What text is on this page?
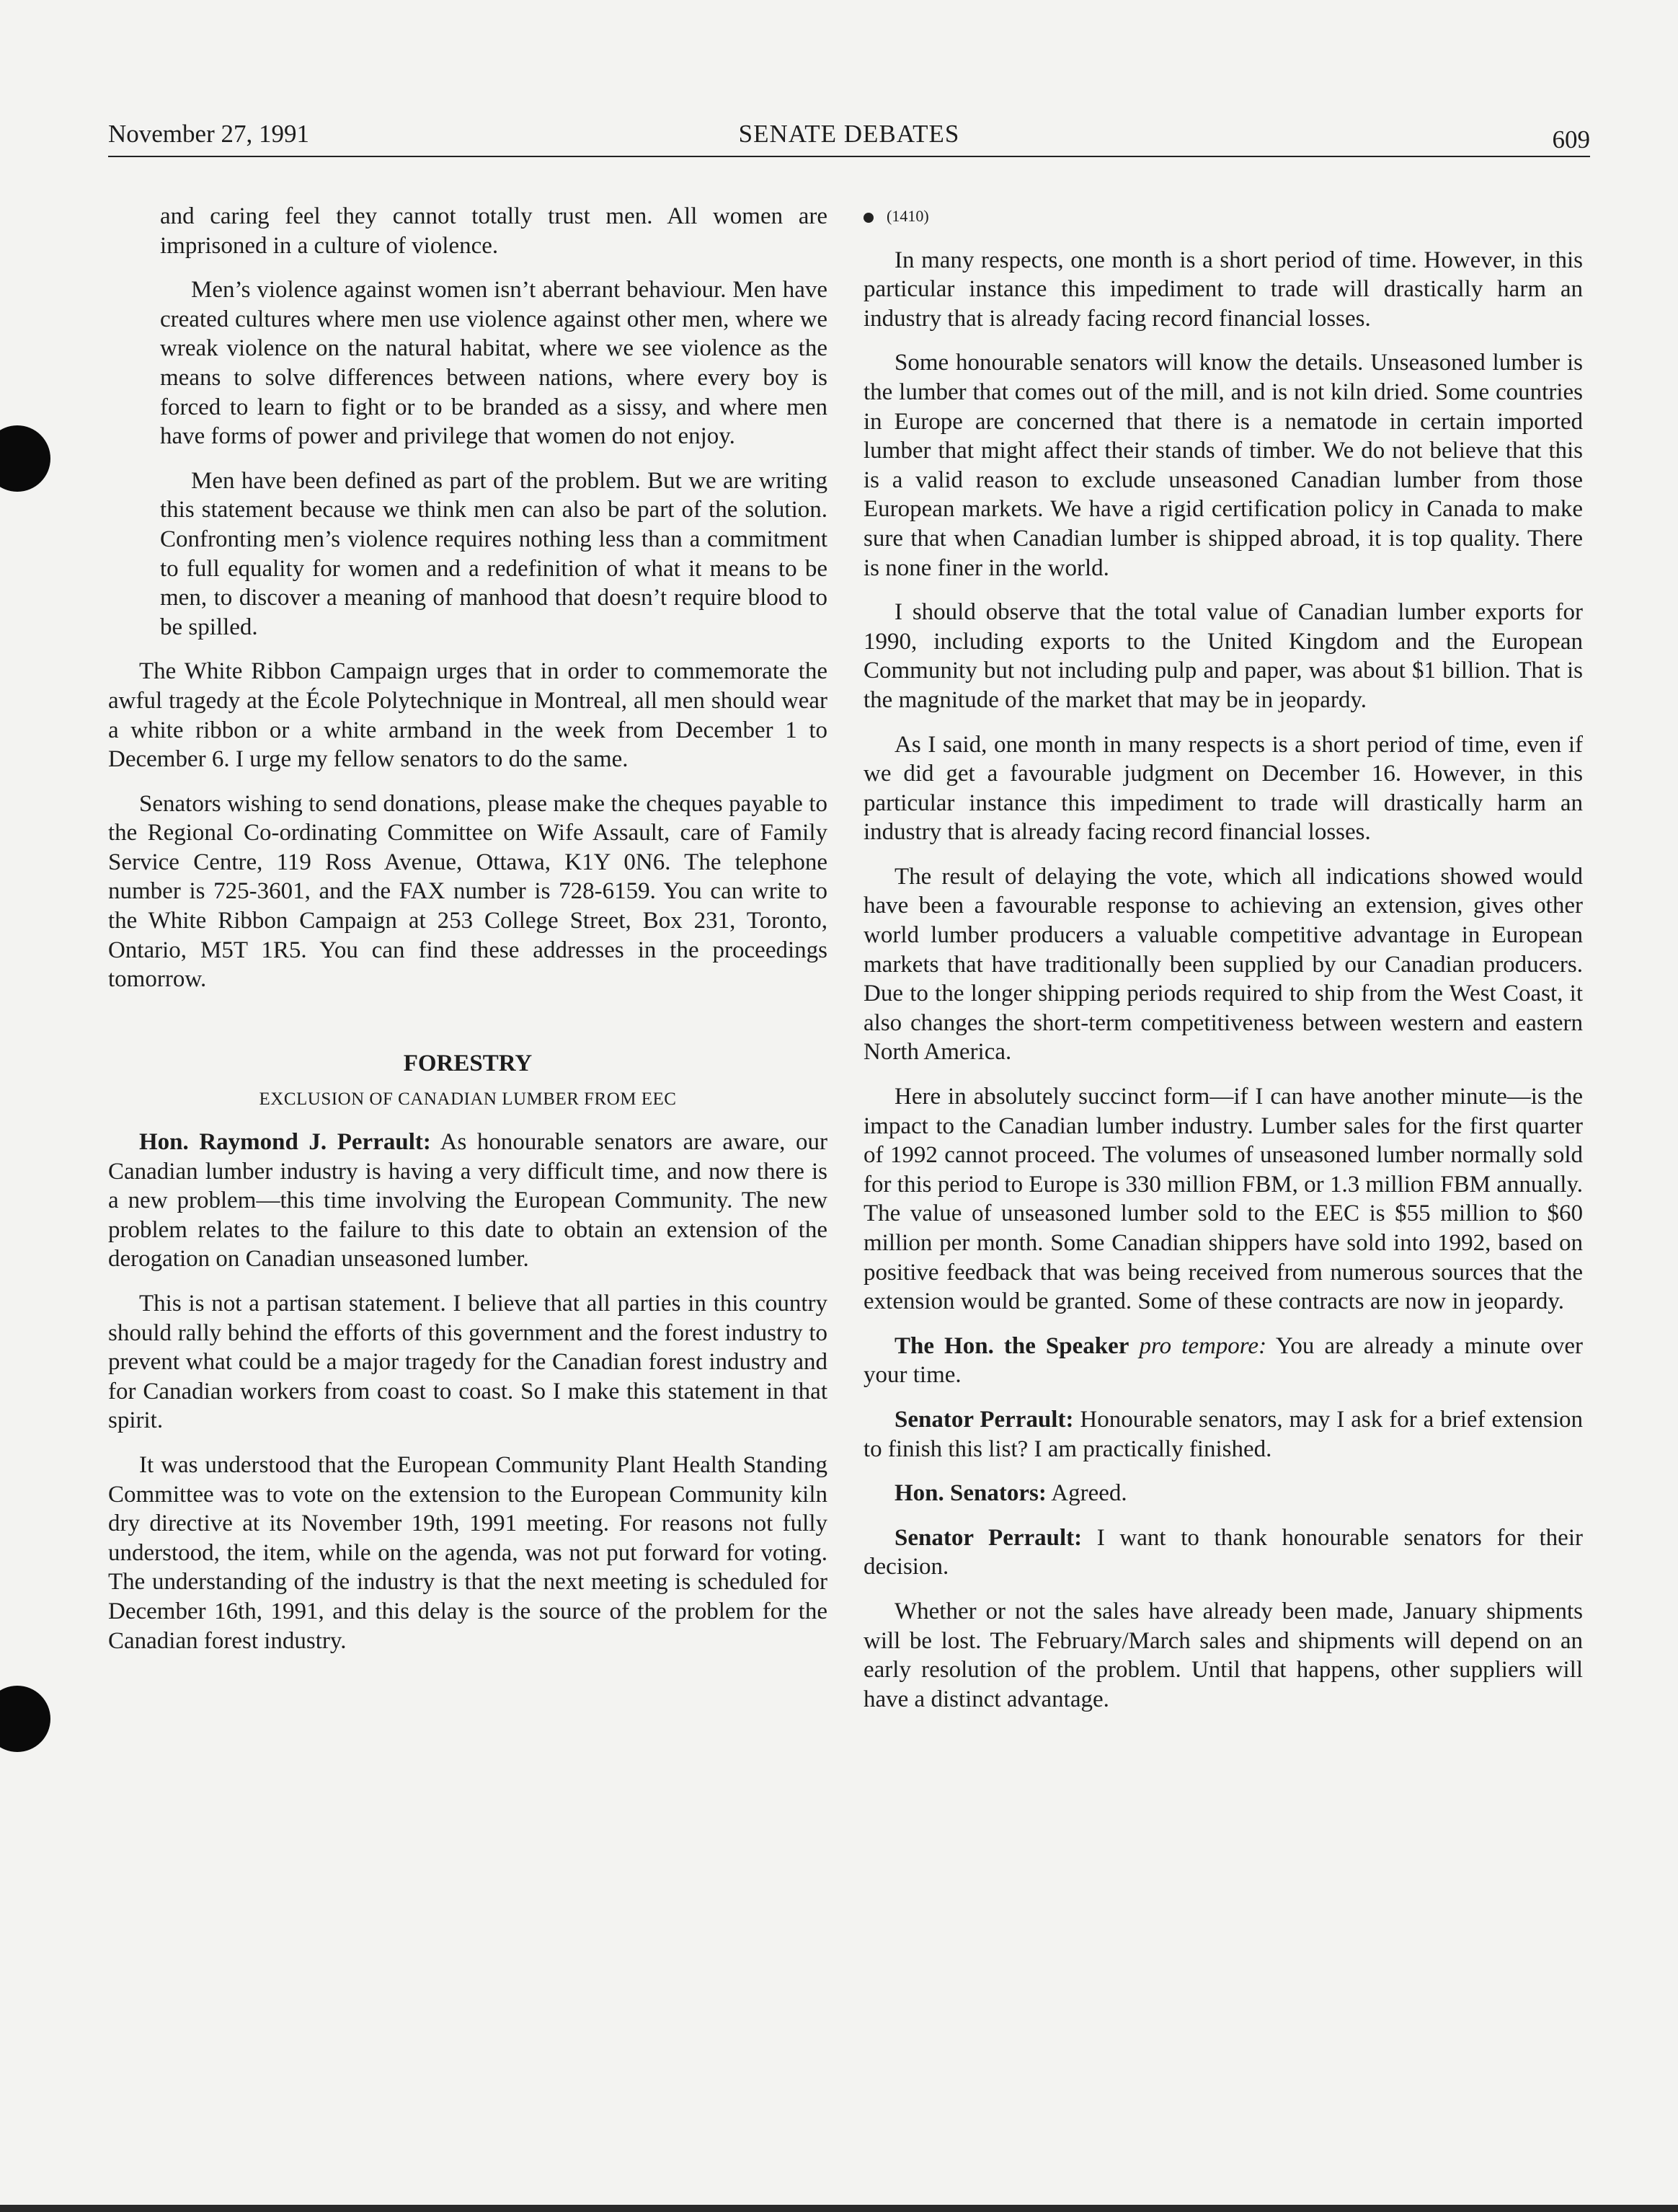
November 27, 1991	SENATE DEBATES	609

and caring feel they cannot totally trust men. All women are imprisoned in a culture of violence.

Men’s violence against women isn’t aberrant behaviour. Men have created cultures where men use violence against other men, where we wreak violence on the natural habitat, where we see violence as the means to solve differences between nations, where every boy is forced to learn to fight or to be branded as a sissy, and where men have forms of power and privilege that women do not enjoy.

Men have been defined as part of the problem. But we are writing this statement because we think men can also be part of the solution. Confronting men’s violence requires nothing less than a commitment to full equality for women and a redefinition of what it means to be men, to discover a meaning of manhood that doesn’t require blood to be spilled.

The White Ribbon Campaign urges that in order to commemorate the awful tragedy at the École Polytechnique in Montreal, all men should wear a white ribbon or a white armband in the week from December 1 to December 6. I urge my fellow senators to do the same.

Senators wishing to send donations, please make the cheques payable to the Regional Co-ordinating Committee on Wife Assault, care of Family Service Centre, 119 Ross Avenue, Ottawa, K1Y 0N6. The telephone number is 725-3601, and the FAX number is 728-6159. You can write to the White Ribbon Campaign at 253 College Street, Box 231, Toronto, Ontario, M5T 1R5. You can find these addresses in the proceedings tomorrow.

FORESTRY
EXCLUSION OF CANADIAN LUMBER FROM EEC

Hon. Raymond J. Perrault: As honourable senators are aware, our Canadian lumber industry is having a very difficult time, and now there is a new problem—this time involving the European Community. The new problem relates to the failure to this date to obtain an extension of the derogation on Canadian unseasoned lumber.

This is not a partisan statement. I believe that all parties in this country should rally behind the efforts of this government and the forest industry to prevent what could be a major tragedy for the Canadian forest industry and for Canadian workers from coast to coast. So I make this statement in that spirit.

It was understood that the European Community Plant Health Standing Committee was to vote on the extension to the European Community kiln dry directive at its November 19th, 1991 meeting. For reasons not fully understood, the item, while on the agenda, was not put forward for voting. The understanding of the industry is that the next meeting is scheduled for December 16th, 1991, and this delay is the source of the problem for the Canadian forest industry.

(1410)

In many respects, one month is a short period of time. However, in this particular instance this impediment to trade will drastically harm an industry that is already facing record financial losses.

Some honourable senators will know the details. Unseasoned lumber is the lumber that comes out of the mill, and is not kiln dried. Some countries in Europe are concerned that there is a nematode in certain imported lumber that might affect their stands of timber. We do not believe that this is a valid reason to exclude unseasoned Canadian lumber from those European markets. We have a rigid certification policy in Canada to make sure that when Canadian lumber is shipped abroad, it is top quality. There is none finer in the world.

I should observe that the total value of Canadian lumber exports for 1990, including exports to the United Kingdom and the European Community but not including pulp and paper, was about $1 billion. That is the magnitude of the market that may be in jeopardy.

As I said, one month in many respects is a short period of time, even if we did get a favourable judgment on December 16. However, in this particular instance this impediment to trade will drastically harm an industry that is already facing record financial losses.

The result of delaying the vote, which all indications showed would have been a favourable response to achieving an extension, gives other world lumber producers a valuable competitive advantage in European markets that have traditionally been supplied by our Canadian producers. Due to the longer shipping periods required to ship from the West Coast, it also changes the short-term competitiveness between western and eastern North America.

Here in absolutely succinct form—if I can have another minute—is the impact to the Canadian lumber industry. Lumber sales for the first quarter of 1992 cannot proceed. The volumes of unseasoned lumber normally sold for this period to Europe is 330 million FBM, or 1.3 million FBM annually. The value of unseasoned lumber sold to the EEC is $55 million to $60 million per month. Some Canadian shippers have sold into 1992, based on positive feedback that was being received from numerous sources that the extension would be granted. Some of these contracts are now in jeopardy.

The Hon. the Speaker pro tempore: You are already a minute over your time.

Senator Perrault: Honourable senators, may I ask for a brief extension to finish this list? I am practically finished.

Hon. Senators: Agreed.

Senator Perrault: I want to thank honourable senators for their decision.

Whether or not the sales have already been made, January shipments will be lost. The February/March sales and shipments will depend on an early resolution of the problem. Until that happens, other suppliers will have a distinct advantage.
